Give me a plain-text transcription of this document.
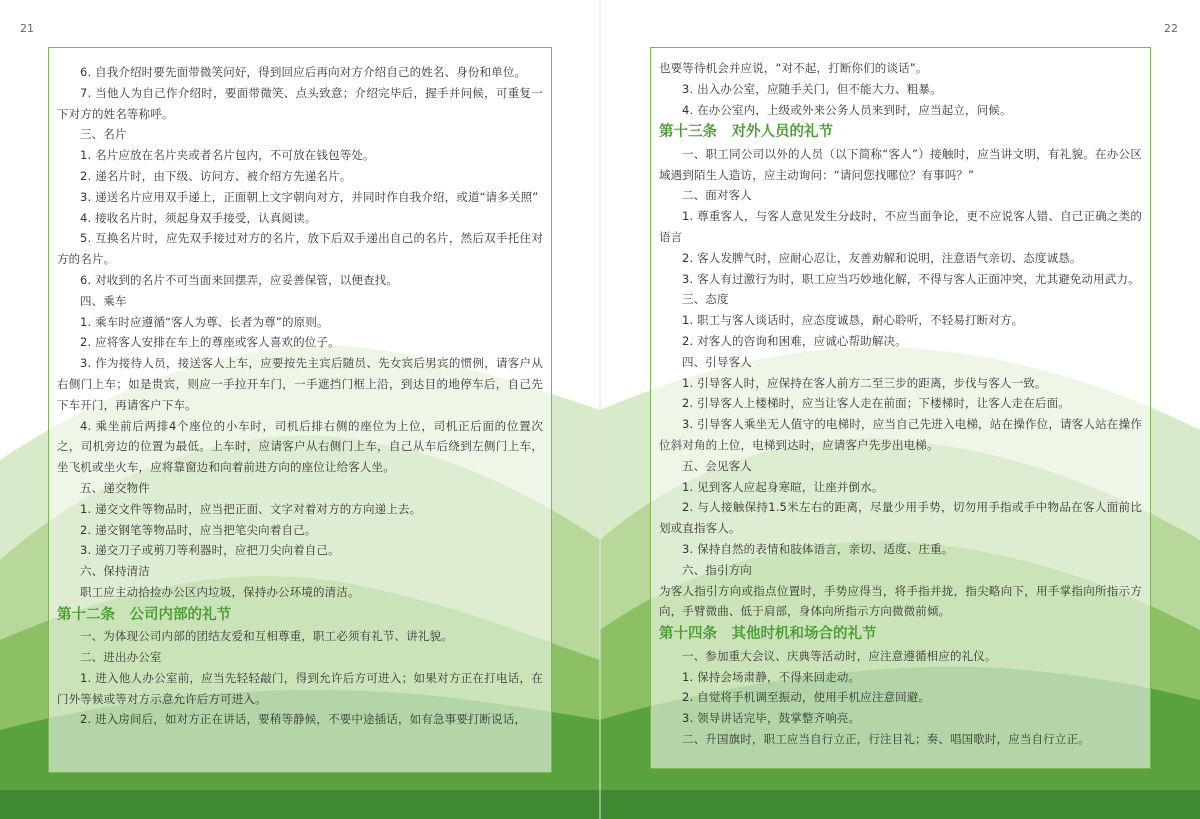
21	22

6. 自我介绍时要先面带微笑问好，得到回应后再向对方介绍自己的姓名、身份和单位。

7. 当他人为自己作介绍时，要面带微笑、点头致意；介绍完毕后，握手并问候，可重复一下对方的姓名等称呼。

三、名片

1. 名片应放在名片夹或者名片包内，不可放在钱包等处。

2. 递名片时，由下级、访问方、被介绍方先递名片。

3. 递送名片应用双手递上，正面朝上文字朝向对方，并同时作自我介绍，或道“请多关照”

4. 接收名片时，须起身双手接受，认真阅读。

5. 互换名片时，应先双手接过对方的名片，放下后双手递出自己的名片，然后双手托住对方的名片。

6. 对收到的名片不可当面来回摆弄，应妥善保管，以便查找。

四、乘车

1. 乘车时应遵循“客人为尊、长者为尊”的原则。

2. 应将客人安排在车上的尊座或客人喜欢的位子。

3. 作为接待人员，接送客人上车，应要按先主宾后随员、先女宾后男宾的惯例，请客户从右侧门上车；如是贵宾，则应一手拉开车门，一手遮挡门框上沿，到达目的地停车后，自己先下车开门，再请客户下车。

4. 乘坐前后两排4个座位的小车时，司机后排右侧的座位为上位，司机正后面的位置次之，司机旁边的位置为最低。上车时，应请客户从右侧门上车，自己从车后绕到左侧门上车，坐飞机或坐火车，应将靠窗边和向着前进方向的座位让给客人坐。

五、递交物件

1. 递交文件等物品时，应当把正面、文字对着对方的方向递上去。

2. 递交钢笔等物品时，应当把笔尖向着自己。

3. 递交刀子或剪刀等利器时，应把刀尖向着自己。

六、保持清洁

职工应主动拾捡办公区内垃圾，保持办公环境的清洁。

第十二条　公司内部的礼节

一、为体现公司内部的团结友爱和互相尊重，职工必须有礼节、讲礼貌。

二、进出办公室

1. 进入他人办公室前，应当先轻轻敲门，得到允许后方可进入；如果对方正在打电话，在门外等候或等对方示意允许后方可进入。

2. 进入房间后，如对方正在讲话，要稍等静候，不要中途插话，如有急事要打断说话，

也要等待机会并应说，“对不起，打断你们的谈话”。

3. 出入办公室，应随手关门，但不能大力、粗暴。

4. 在办公室内，上级或外来公务人员来到时，应当起立，问候。

第十三条　对外人员的礼节

一、职工同公司以外的人员（以下简称“客人”）接触时，应当讲文明，有礼貌。在办公区域遇到陌生人造访，应主动询问：“请问您找哪位？有事吗？”

二、面对客人

1. 尊重客人，与客人意见发生分歧时，不应当面争论，更不应说客人错、自己正确之类的语言

2. 客人发脾气时，应耐心忍让，友善劝解和说明，注意语气亲切、态度诚恳。

3. 客人有过激行为时，职工应当巧妙地化解，不得与客人正面冲突，尤其避免动用武力。

三、态度

1. 职工与客人谈话时，应态度诚恳，耐心聆听，不轻易打断对方。

2. 对客人的咨询和困难，应诚心帮助解决。

四、引导客人

1. 引导客人时，应保持在客人前方二至三步的距离，步伐与客人一致。

2. 引导客人上楼梯时，应当让客人走在前面；下楼梯时，让客人走在后面。

3. 引导客人乘坐无人值守的电梯时，应当自己先进入电梯，站在操作位，请客人站在操作位斜对角的上位，电梯到达时，应请客户先步出电梯。

五、会见客人

1. 见到客人应起身寒暄，让座并倒水。

2. 与人接触保持1.5米左右的距离，尽量少用手势，切勿用手指或手中物品在客人面前比划或直指客人。

3. 保持自然的表情和肢体语言，亲切、适度、庄重。

六、指引方向

为客人指引方向或指点位置时，手势应得当，将手指并拢，指尖略向下，用手掌指向所指示方向，手臂微曲、低于肩部，身体向所指示方向微微前倾。

第十四条　其他时机和场合的礼节

一、参加重大会议、庆典等活动时，应注意遵循相应的礼仪。

1. 保持会场肃静，不得来回走动。

2. 自觉将手机调至振动，使用手机应注意回避。

3. 领导讲话完毕，鼓掌整齐响亮。

二、升国旗时，职工应当自行立正，行注目礼；奏、唱国歌时，应当自行立正。
